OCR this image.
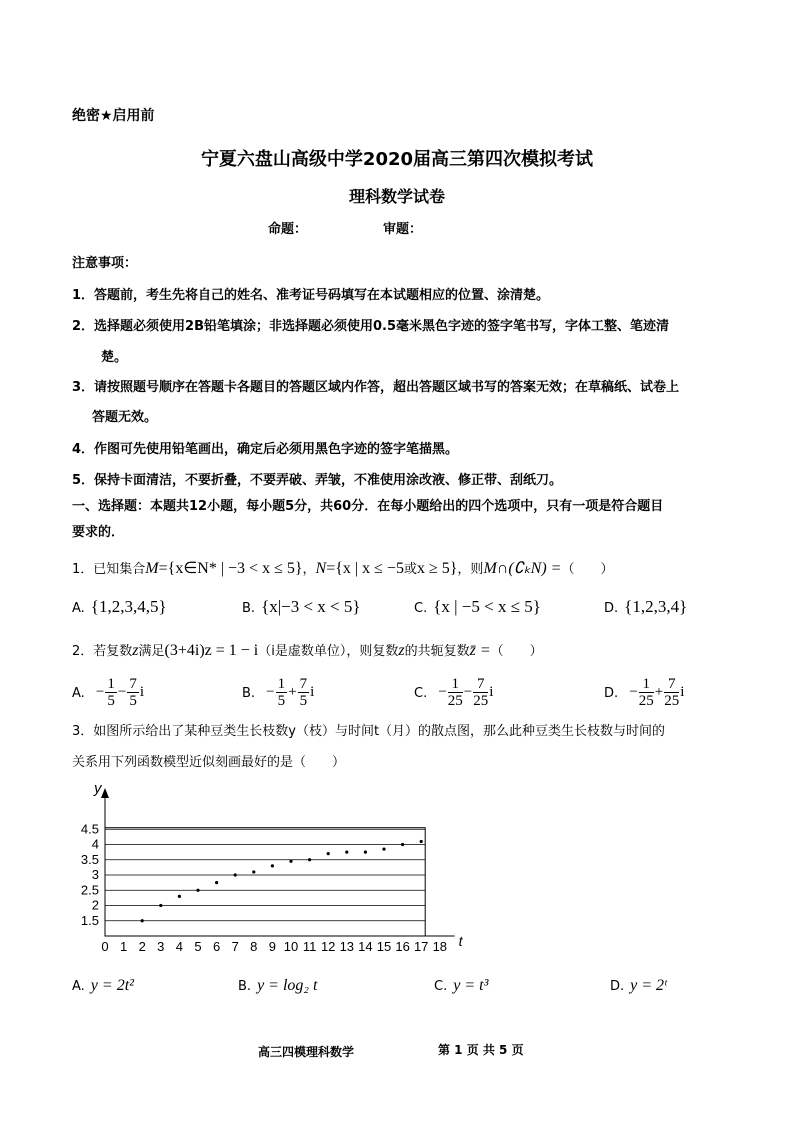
绝密★启用前
宁夏六盘山高级中学2020届高三第四次模拟考试
理科数学试卷
命题：	审题：
注意事项：
1．答题前，考生先将自己的姓名、准考证号码填写在本试题相应的位置、涂清楚。
2．选择题必须使用2B铅笔填涂；非选择题必须使用0.5毫米黑色字迹的签字笔书写，字体工整、笔迹清
楚。
3．请按照题号顺序在答题卡各题目的答题区域内作答，超出答题区域书写的答案无效；在草稿纸、试卷上
答题无效。
4．作图可先使用铅笔画出，确定后必须用黑色字迹的签字笔描黑。
5．保持卡面清洁，不要折叠，不要弄破、弄皱，不准使用涂改液、修正带、刮纸刀。
一、选择题：本题共12小题，每小题5分，共60分．在每小题给出的四个选项中，只有一项是符合题目
要求的．
1．已知集合M={x∈N* | −3 < x ≤ 5}，N={x | x ≤ −5或x ≥ 5}，则M∩(∁ₖN) =（　　）
A. {1,2,3,4,5}	B. {x|−3 < x < 5}	C. {x | −5 < x ≤ 5}	D. {1,2,3,4}
2．若复数z满足(3+4i)z = 1 − i（i是虚数单位），则复数z的共轭复数z̄ =（　　）
A. − $\frac{1}{5} - \frac{7}{5}$ i	B. − $\frac{1}{5} + \frac{7}{5}$ i	C. − $\frac{1}{25} - \frac{7}{25}$ i	D. − $\frac{1}{25} + \frac{7}{25}$ i
3．如图所示给出了某种豆类生长枝数y（枝）与时间t（月）的散点图，那么此种豆类生长枝数与时间的
关系用下列函数模型近似刻画最好的是（　　）
1.5
2
2.5
3
3.5
4
4.5
0 1 2 3 4 5 6 7 8 9 10 11 12 13 14 15 16 17 18
y
t
A. y = 2t²	B. y = log₂ t	C. y = t³	D. y = 2ᵗ
高三四模理科数学	第 1 页 共 5 页
